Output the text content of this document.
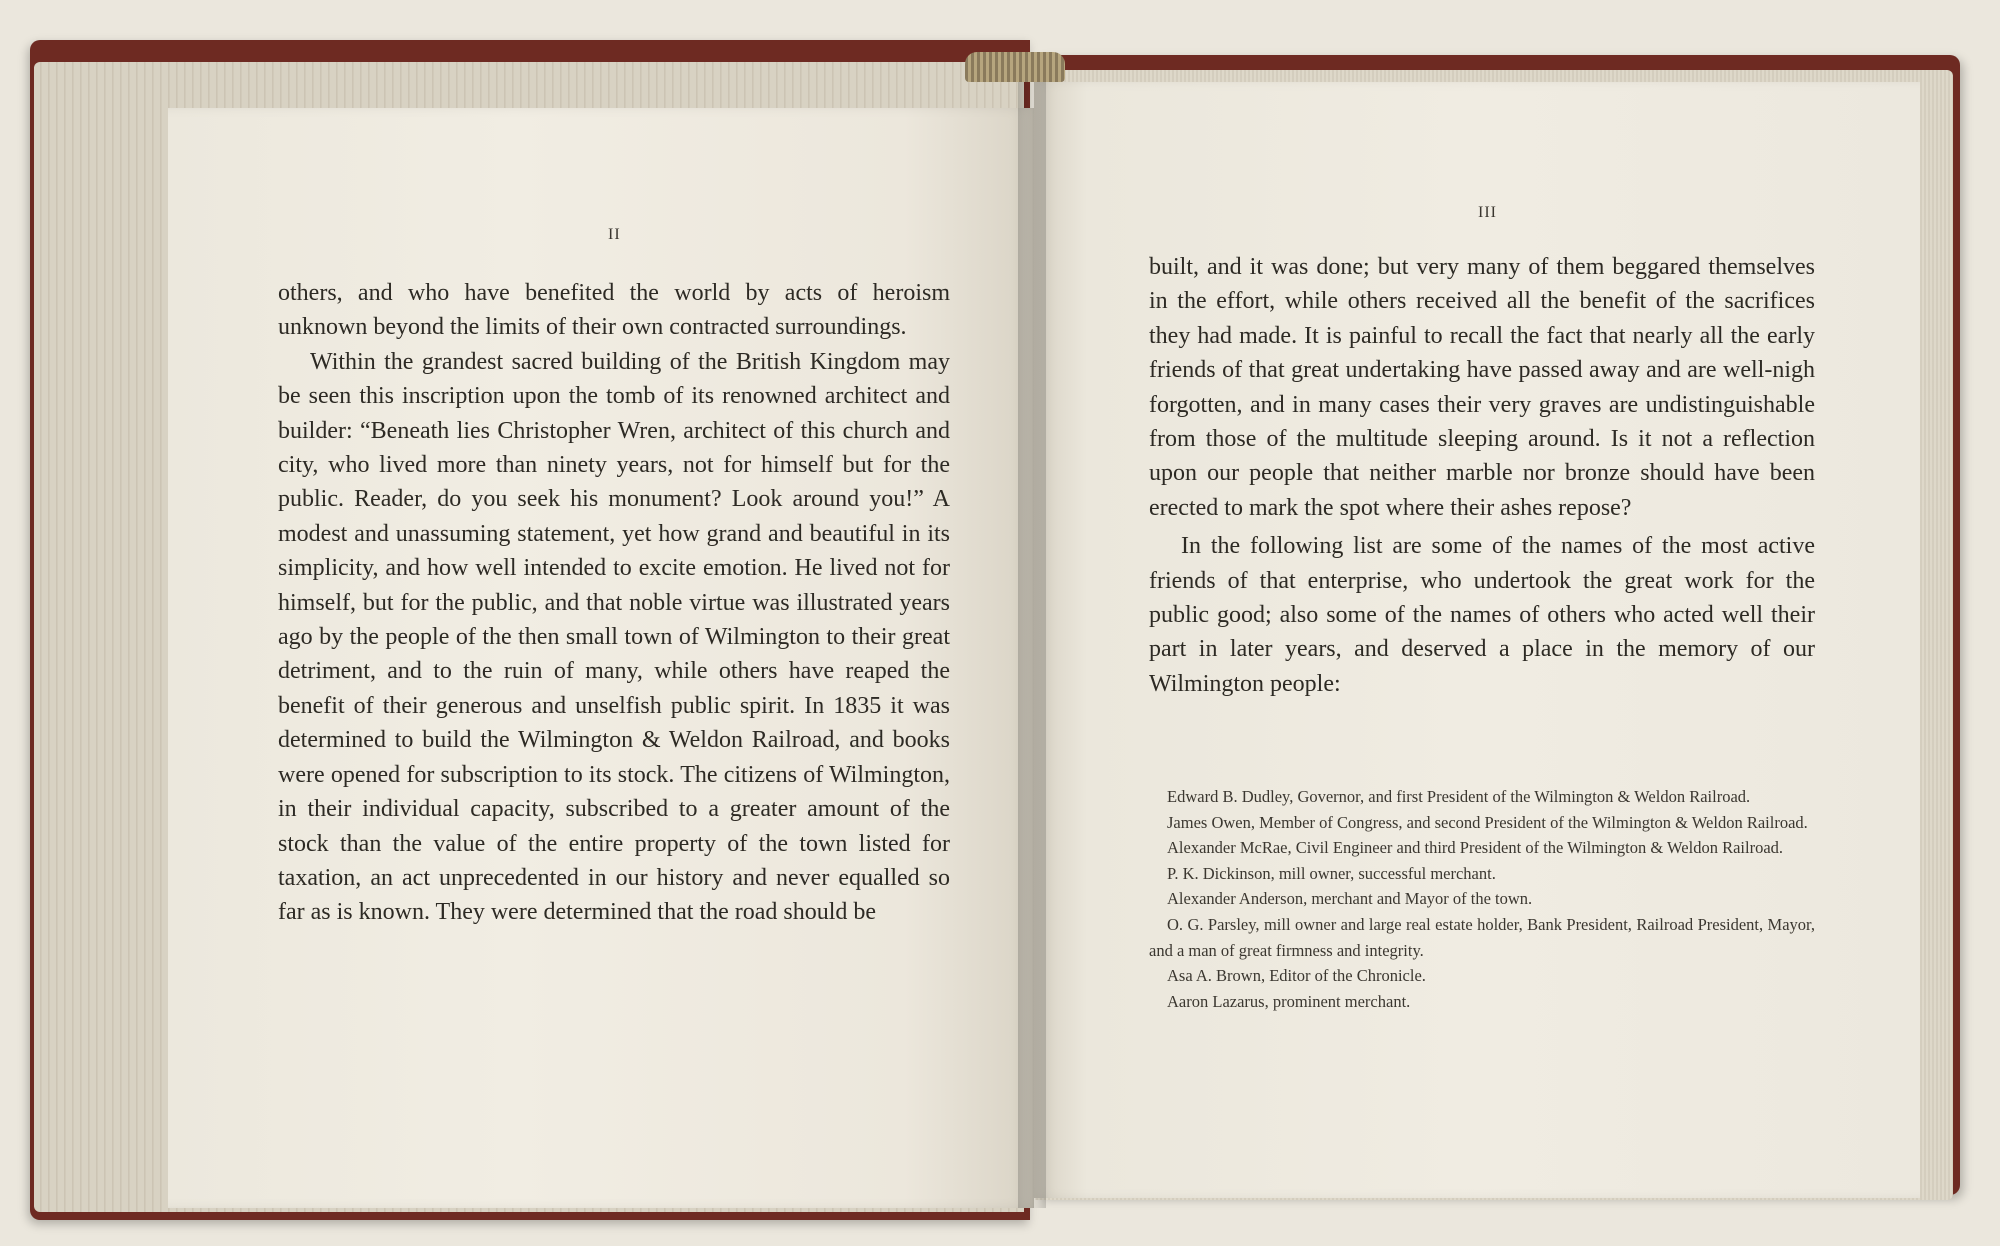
II

others, and who have benefited the world by acts of heroism unknown beyond the limits of their own contracted surroundings.

Within the grandest sacred building of the British Kingdom may be seen this inscription upon the tomb of its renowned architect and builder: “Beneath lies Christopher Wren, architect of this church and city, who lived more than ninety years, not for himself but for the public. Reader, do you seek his monument? Look around you!” A modest and unassuming statement, yet how grand and beautiful in its simplicity, and how well intended to excite emotion. He lived not for himself, but for the public, and that noble virtue was illustrated years ago by the people of the then small town of Wilmington to their great detriment, and to the ruin of many, while others have reaped the benefit of their generous and unselfish public spirit. In 1835 it was determined to build the Wilmington & Weldon Railroad, and books were opened for subscription to its stock. The citizens of Wilmington, in their individual capacity, subscribed to a greater amount of the stock than the value of the entire property of the town listed for taxation, an act unprecedented in our history and never equalled so far as is known. They were determined that the road should be

III

built, and it was done; but very many of them beggared themselves in the effort, while others received all the benefit of the sacrifices they had made. It is painful to recall the fact that nearly all the early friends of that great undertaking have passed away and are well-nigh forgotten, and in many cases their very graves are undistinguishable from those of the multitude sleeping around. Is it not a reflection upon our people that neither marble nor bronze should have been erected to mark the spot where their ashes repose?

In the following list are some of the names of the most active friends of that enterprise, who undertook the great work for the public good; also some of the names of others who acted well their part in later years, and deserved a place in the memory of our Wilmington people:

Edward B. Dudley, Governor, and first President of the Wilmington & Weldon Railroad.

James Owen, Member of Congress, and second President of the Wilmington & Weldon Railroad.

Alexander McRae, Civil Engineer and third President of the Wilmington & Weldon Railroad.

P. K. Dickinson, mill owner, successful merchant.

Alexander Anderson, merchant and Mayor of the town.

O. G. Parsley, mill owner and large real estate holder, Bank President, Railroad President, Mayor, and a man of great firmness and integrity.

Asa A. Brown, Editor of the Chronicle.

Aaron Lazarus, prominent merchant.
